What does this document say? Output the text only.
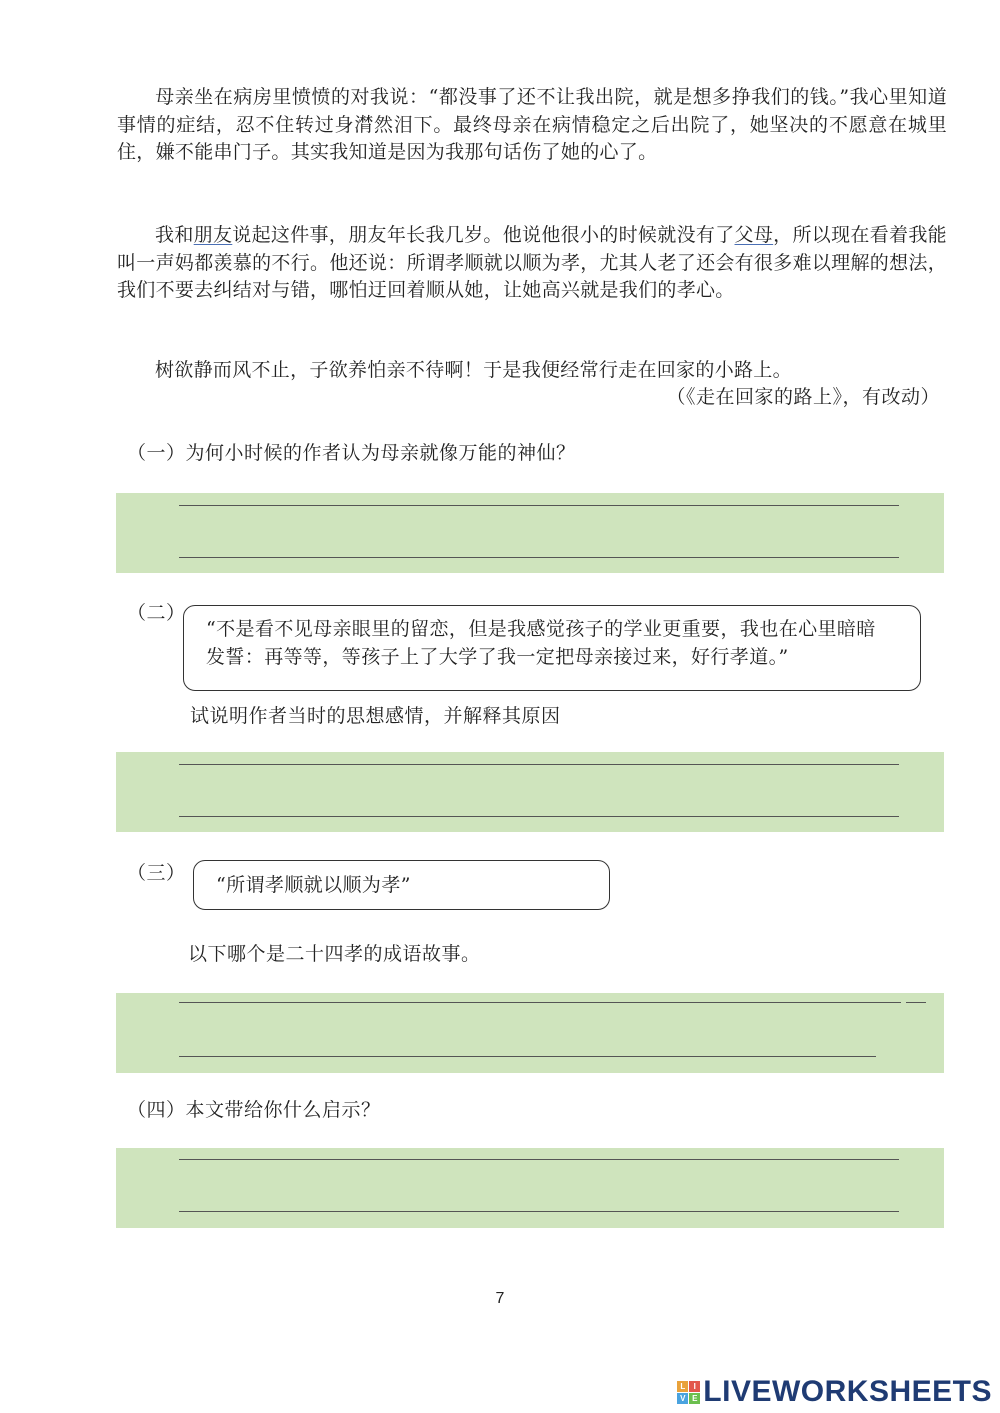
母亲坐在病房里愤愤的对我说：“都没事了还不让我出院，就是想多挣我们的钱。”我心里知道事情的症结，忍不住转过身潸然泪下。最终母亲在病情稳定之后出院了，她坚决的不愿意在城里住，嫌不能串门子。其实我知道是因为我那句话伤了她的心了。

我和朋友说起这件事，朋友年长我几岁。他说他很小的时候就没有了父母，所以现在看着我能叫一声妈都羡慕的不行。他还说：所谓孝顺就以顺为孝，尤其人老了还会有很多难以理解的想法，我们不要去纠结对与错，哪怕迂回着顺从她，让她高兴就是我们的孝心。

树欲静而风不止，子欲养怕亲不待啊！于是我便经常行走在回家的小路上。

（《走在回家的路上》，有改动）
（一）为何小时候的作者认为母亲就像万能的神仙？
（二）
“不是看不见母亲眼里的留恋，但是我感觉孩子的学业更重要，我也在心里暗暗
发誓：再等等，等孩子上了大学了我一定把母亲接过来，好行孝道。”
试说明作者当时的思想感情，并解释其原因
（三）
“所谓孝顺就以顺为孝”
以下哪个是二十四孝的成语故事。
（四）本文带给你什么启示？
7
L	I
V E LIVEWORKSHEETS
